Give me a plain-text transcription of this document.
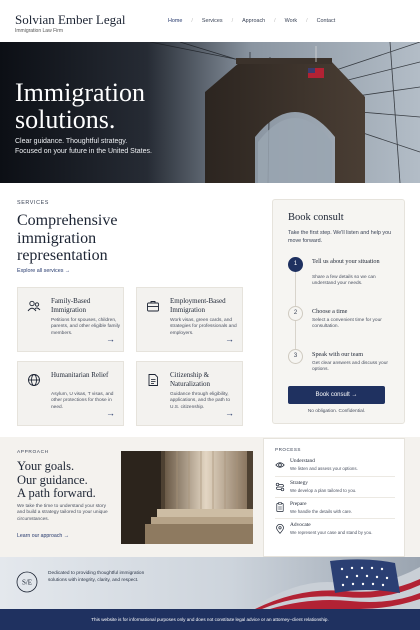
Solvian Ember Legal
Immigration Law Firm
Home / Services / Approach / Work / Contact
Immigration
solutions.
Clear guidance. Thoughtful strategy.
Focused on your future in the United States.
SERVICES
Comprehensive immigration representation
Explore all services →
Family-Based Immigration
Petitions for spouses, children, parents, and other eligible family members.
→
Employment-Based Immigration
Work visas, green cards, and strategies for professionals and employers.
→
Humanitarian Relief
Asylum, U visas, T visas, and other protections for those in need.
→
Citizenship & Naturalization
Guidance through eligibility, applications, and the path to U.S. citizenship.
→
Book consult
Take the first step. We'll listen and help you move forward.
1	Tell us about your situation
Share a few details so we can understand your needs.
2	Choose a time
Select a convenient time for your consultation.
3	Speak with our team
Get clear answers and discuss your options.
Book consult →
No obligation. Confidential.
APPROACH
Your goals.
Our guidance.
A path forward.
We take the time to understand your story and build a strategy tailored to your unique circumstances.
Learn our approach →
PROCESS
Understand
We listen and assess your options.
Strategy
We develop a plan tailored to you.
Prepare
We handle the details with care.
Advocate
We represent your case and stand by you.
S/E
Dedicated to providing thoughtful immigration solutions with integrity, clarity, and respect.
This website is for informational purposes only and does not constitute legal advice or an attorney–client relationship.
